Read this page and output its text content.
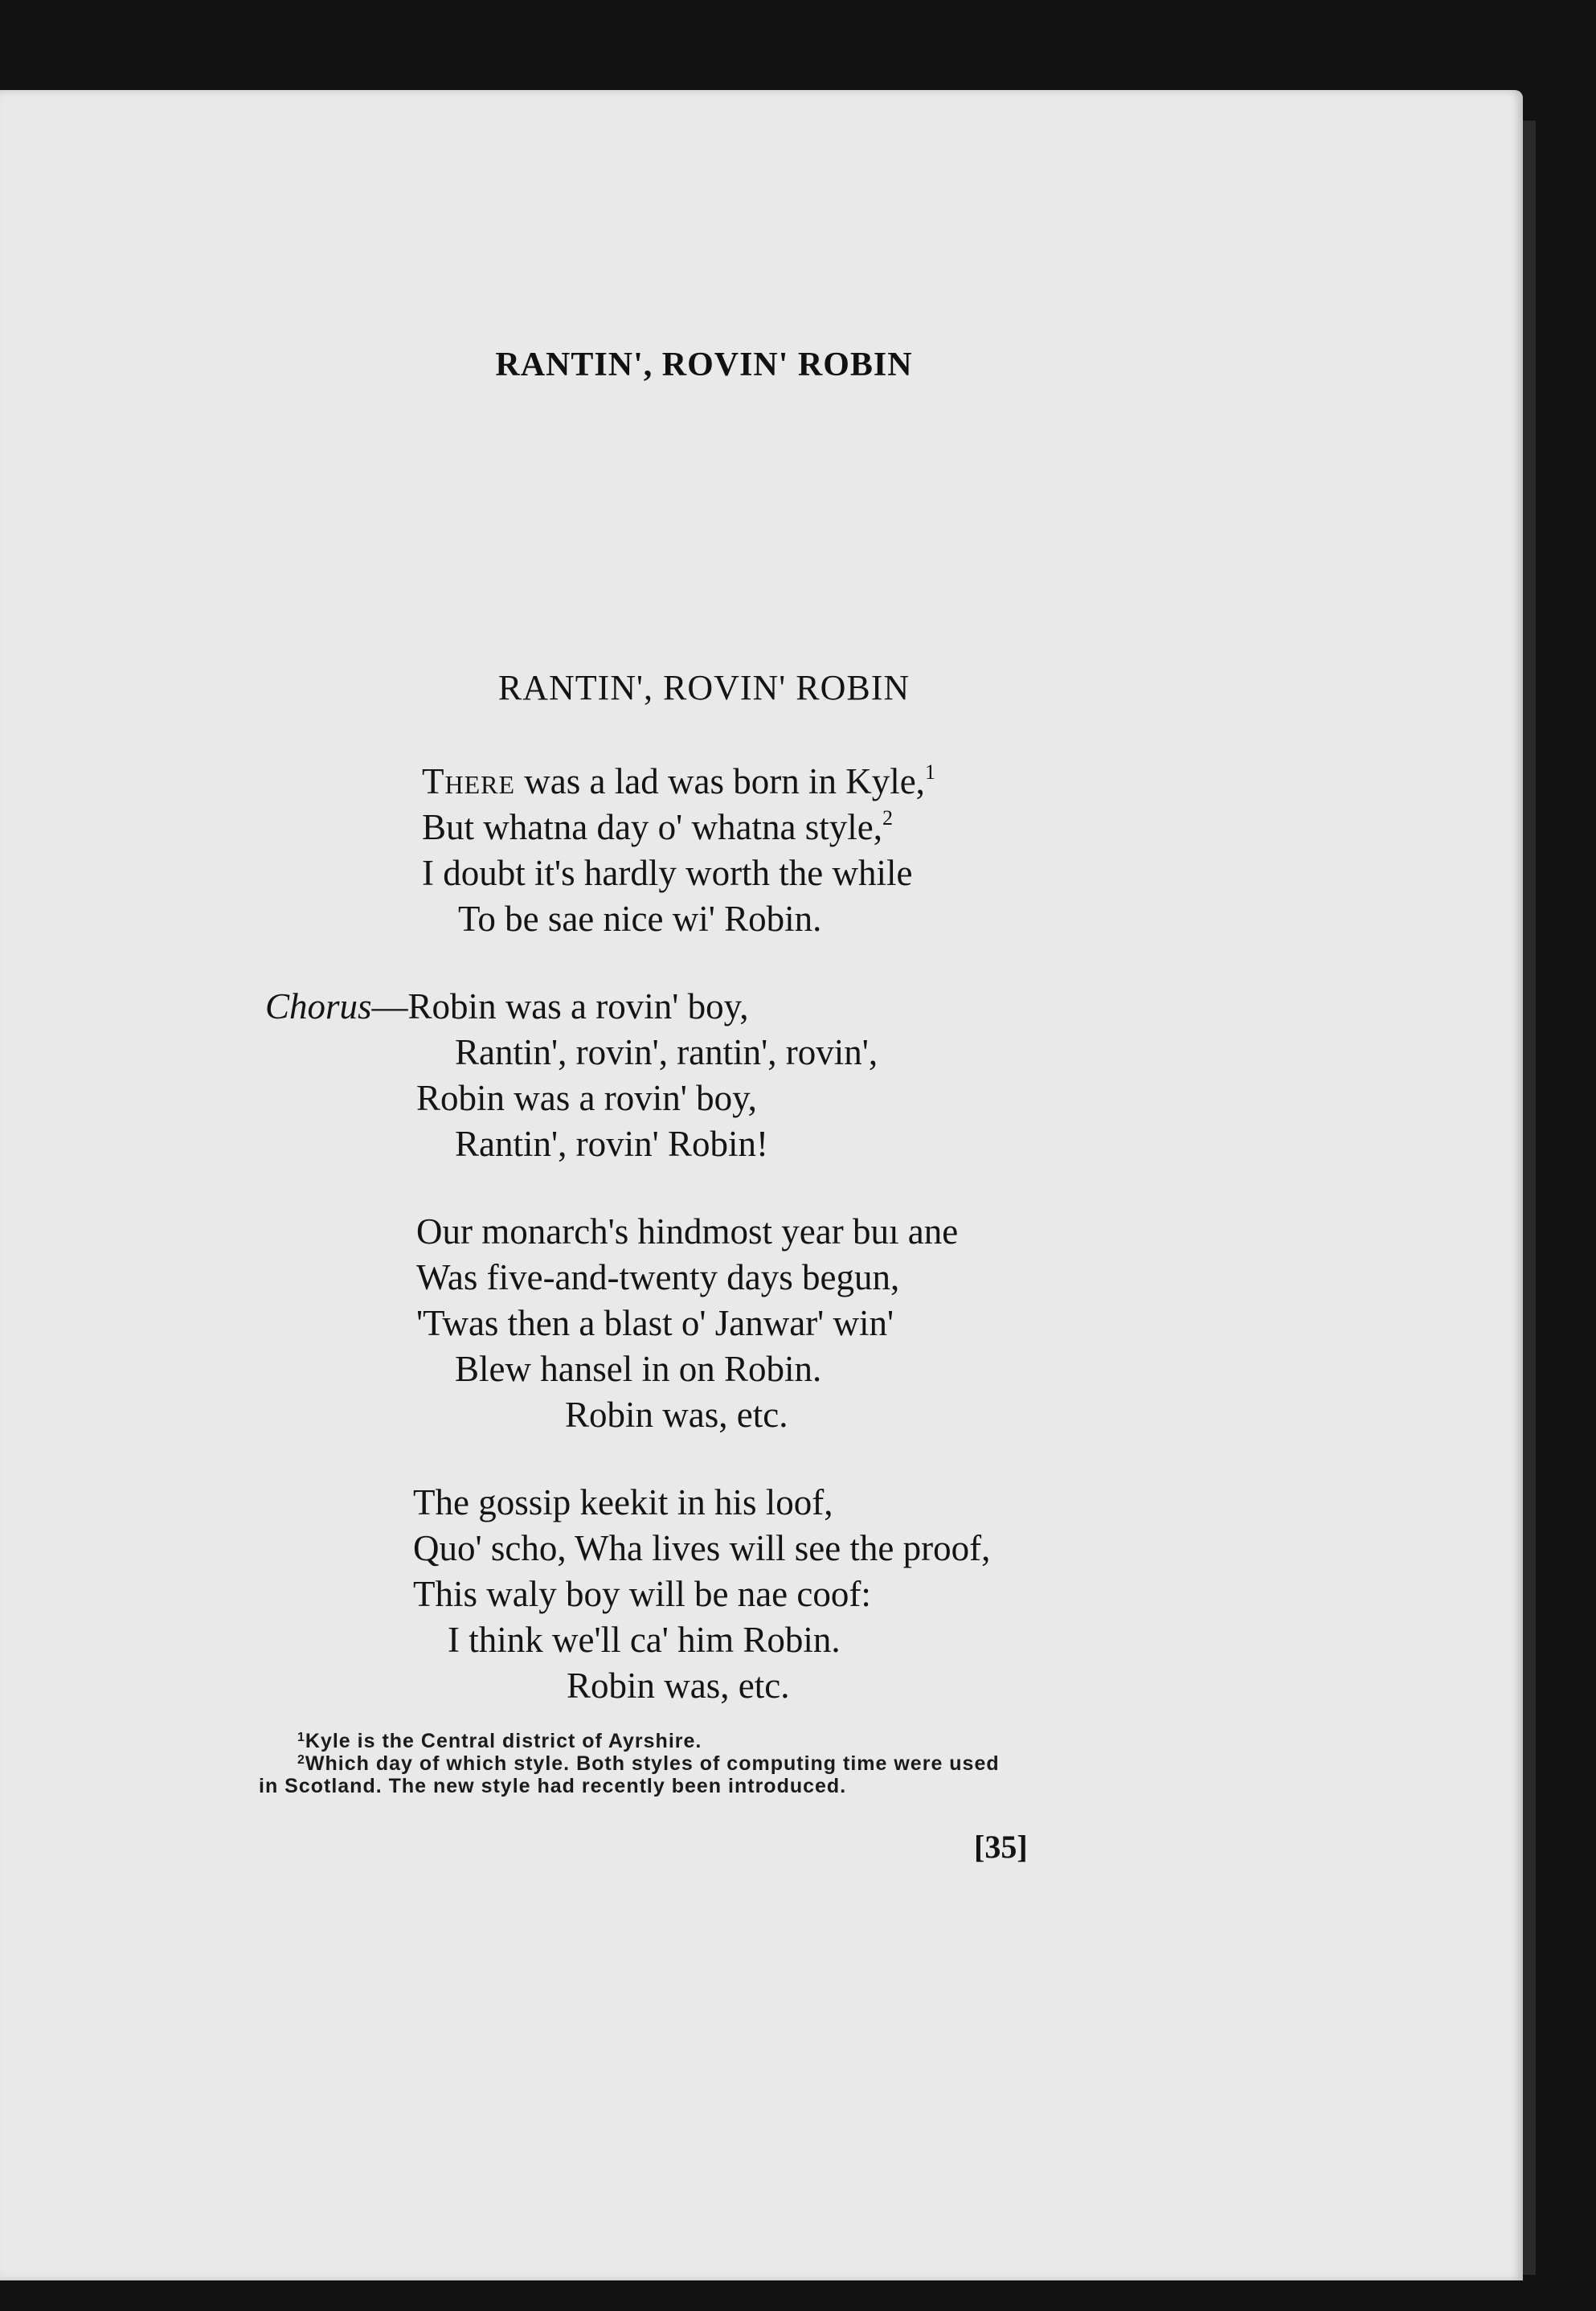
RANTIN', ROVIN' ROBIN
RANTIN', ROVIN' ROBIN
There was a lad was born in Kyle,$^1$
But whatna day o' whatna style,$^2$
I doubt it's hardly worth the while
To be sae nice wi' Robin.
Chorus—Robin was a rovin' boy,
Rantin', rovin', rantin', rovin',
Robin was a rovin' boy,
Rantin', rovin' Robin!
Our monarch's hindmost year buı ane
Was five-and-twenty days begun,
'Twas then a blast o' Janwar' win'
Blew hansel in on Robin.
Robin was, etc.
The gossip keekit in his loof,
Quo' scho, Wha lives will see the proof,
This waly boy will be nae coof:
I think we'll ca' him Robin.
Robin was, etc.
$^1$Kyle is the Central district of Ayrshire.
$^2$Which day of which style. Both styles of computing time were used
in Scotland. The new style had recently been introduced.
[35]
